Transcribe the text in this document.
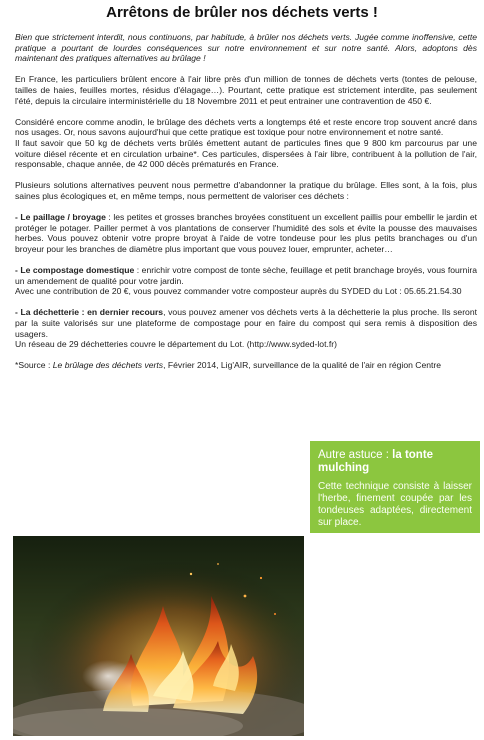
Arrêtons de brûler nos déchets verts !

Bien que strictement interdit, nous continuons, par habitude, à brûler nos déchets verts. Jugée comme inoffensive, cette pratique a pourtant de lourdes conséquences sur notre environnement et sur notre santé. Alors, adoptons dès maintenant des pratiques alternatives au brûlage !

En France, les particuliers brûlent encore à l'air libre près d'un million de tonnes de déchets verts (tontes de pelouse, tailles de haies, feuilles mortes, résidus d'élagage…). Pourtant, cette pratique est strictement interdite, pas seulement l'été, depuis la circulaire interministérielle du 18 Novembre 2011 et peut entrainer une contravention de 450 €.

Considéré encore comme anodin, le brûlage des déchets verts a longtemps été et reste encore trop souvent ancré dans nos usages. Or, nous savons aujourd'hui que cette pratique est toxique pour notre environnement et notre santé.
Il faut savoir que 50 kg de déchets verts brûlés émettent autant de particules fines que 9 800 km parcourus par une voiture diésel récente et en circulation urbaine*. Ces particules, dispersées à l'air libre, contribuent à la pollution de l'air, responsable, chaque année, de 42 000 décès prématurés en France.

Plusieurs solutions alternatives peuvent nous permettre d'abandonner la pratique du brûlage. Elles sont, à la fois, plus saines plus écologiques et, en même temps, nous permettent de valoriser ces déchets :

- Le paillage / broyage : les petites et grosses branches broyées constituent un excellent paillis pour embellir le jardin et protéger le potager. Pailler permet à vos plantations de conserver l'humidité des sols et évite la pousse des mauvaises herbes. Vous pouvez obtenir votre propre broyat à l'aide de votre tondeuse pour les plus petits branchages ou d'un broyeur pour les branches de diamètre plus important que vous pouvez louer, emprunter, acheter…

- Le compostage domestique : enrichir votre compost de tonte sèche, feuillage et petit branchage broyés, vous fournira un amendement de qualité pour votre jardin.
Avec une contribution de 20 €, vous pouvez commander votre composteur auprès du SYDED du Lot : 05.65.21.54.30

- La déchetterie : en dernier recours, vous pouvez amener vos déchets verts à la déchetterie la plus proche. Ils seront par la suite valorisés sur une plateforme de compostage pour en faire du compost qui sera remis à disposition des usagers.
Un réseau de 29 déchetteries couvre le département du Lot. (http://www.syded-lot.fr)

*Source : Le brûlage des déchets verts, Février 2014, Lig'AIR, surveillance de la qualité de l'air en région Centre

Autre astuce : la tonte mulching
Cette technique consiste à laisser l'herbe, finement coupée par les tondeuses adaptées, directement sur place.
